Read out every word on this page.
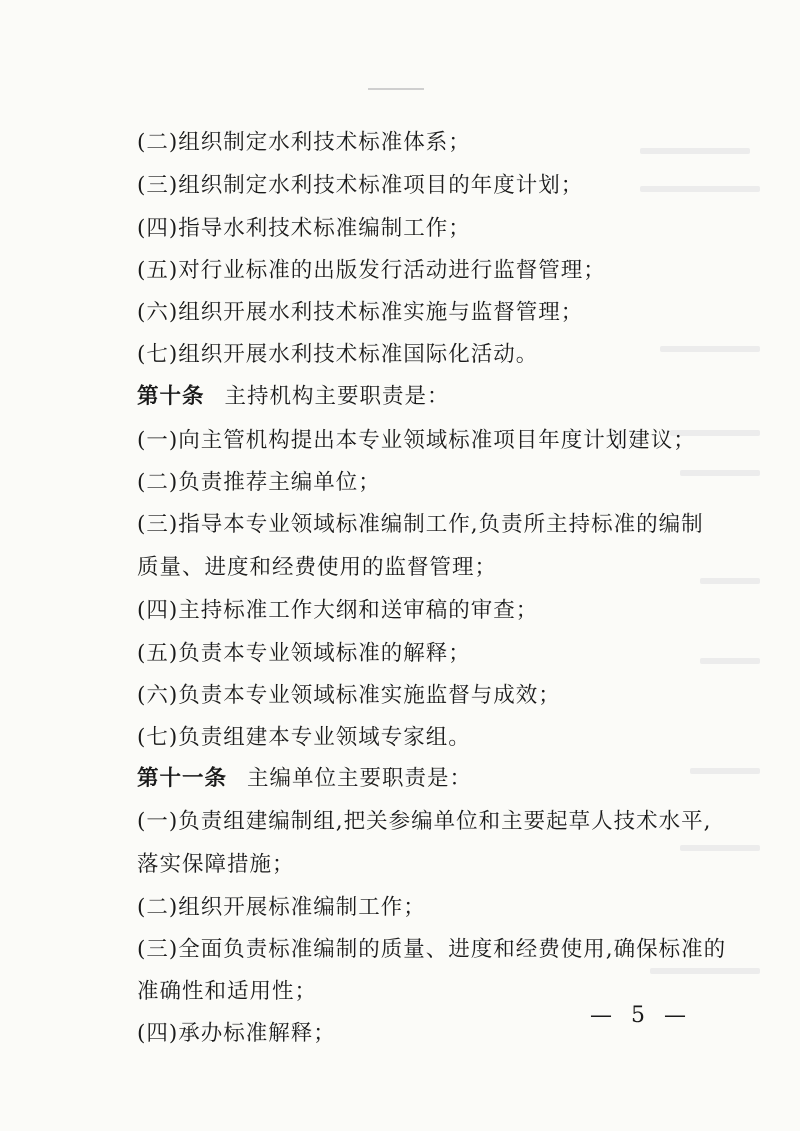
(二)组织制定水利技术标准体系；
(三)组织制定水利技术标准项目的年度计划；
(四)指导水利技术标准编制工作；
(五)对行业标准的出版发行活动进行监督管理；
(六)组织开展水利技术标准实施与监督管理；
(七)组织开展水利技术标准国际化活动。
第十条 主持机构主要职责是：
(一)向主管机构提出本专业领域标准项目年度计划建议；
(二)负责推荐主编单位；
(三)指导本专业领域标准编制工作,负责所主持标准的编制
质量、进度和经费使用的监督管理；
(四)主持标准工作大纲和送审稿的审查；
(五)负责本专业领域标准的解释；
(六)负责本专业领域标准实施监督与成效；
(七)负责组建本专业领域专家组。
第十一条 主编单位主要职责是：
(一)负责组建编制组,把关参编单位和主要起草人技术水平,
落实保障措施；
(二)组织开展标准编制工作；
(三)全面负责标准编制的质量、进度和经费使用,确保标准的
准确性和适用性；
(四)承办标准解释；
— 5 —
